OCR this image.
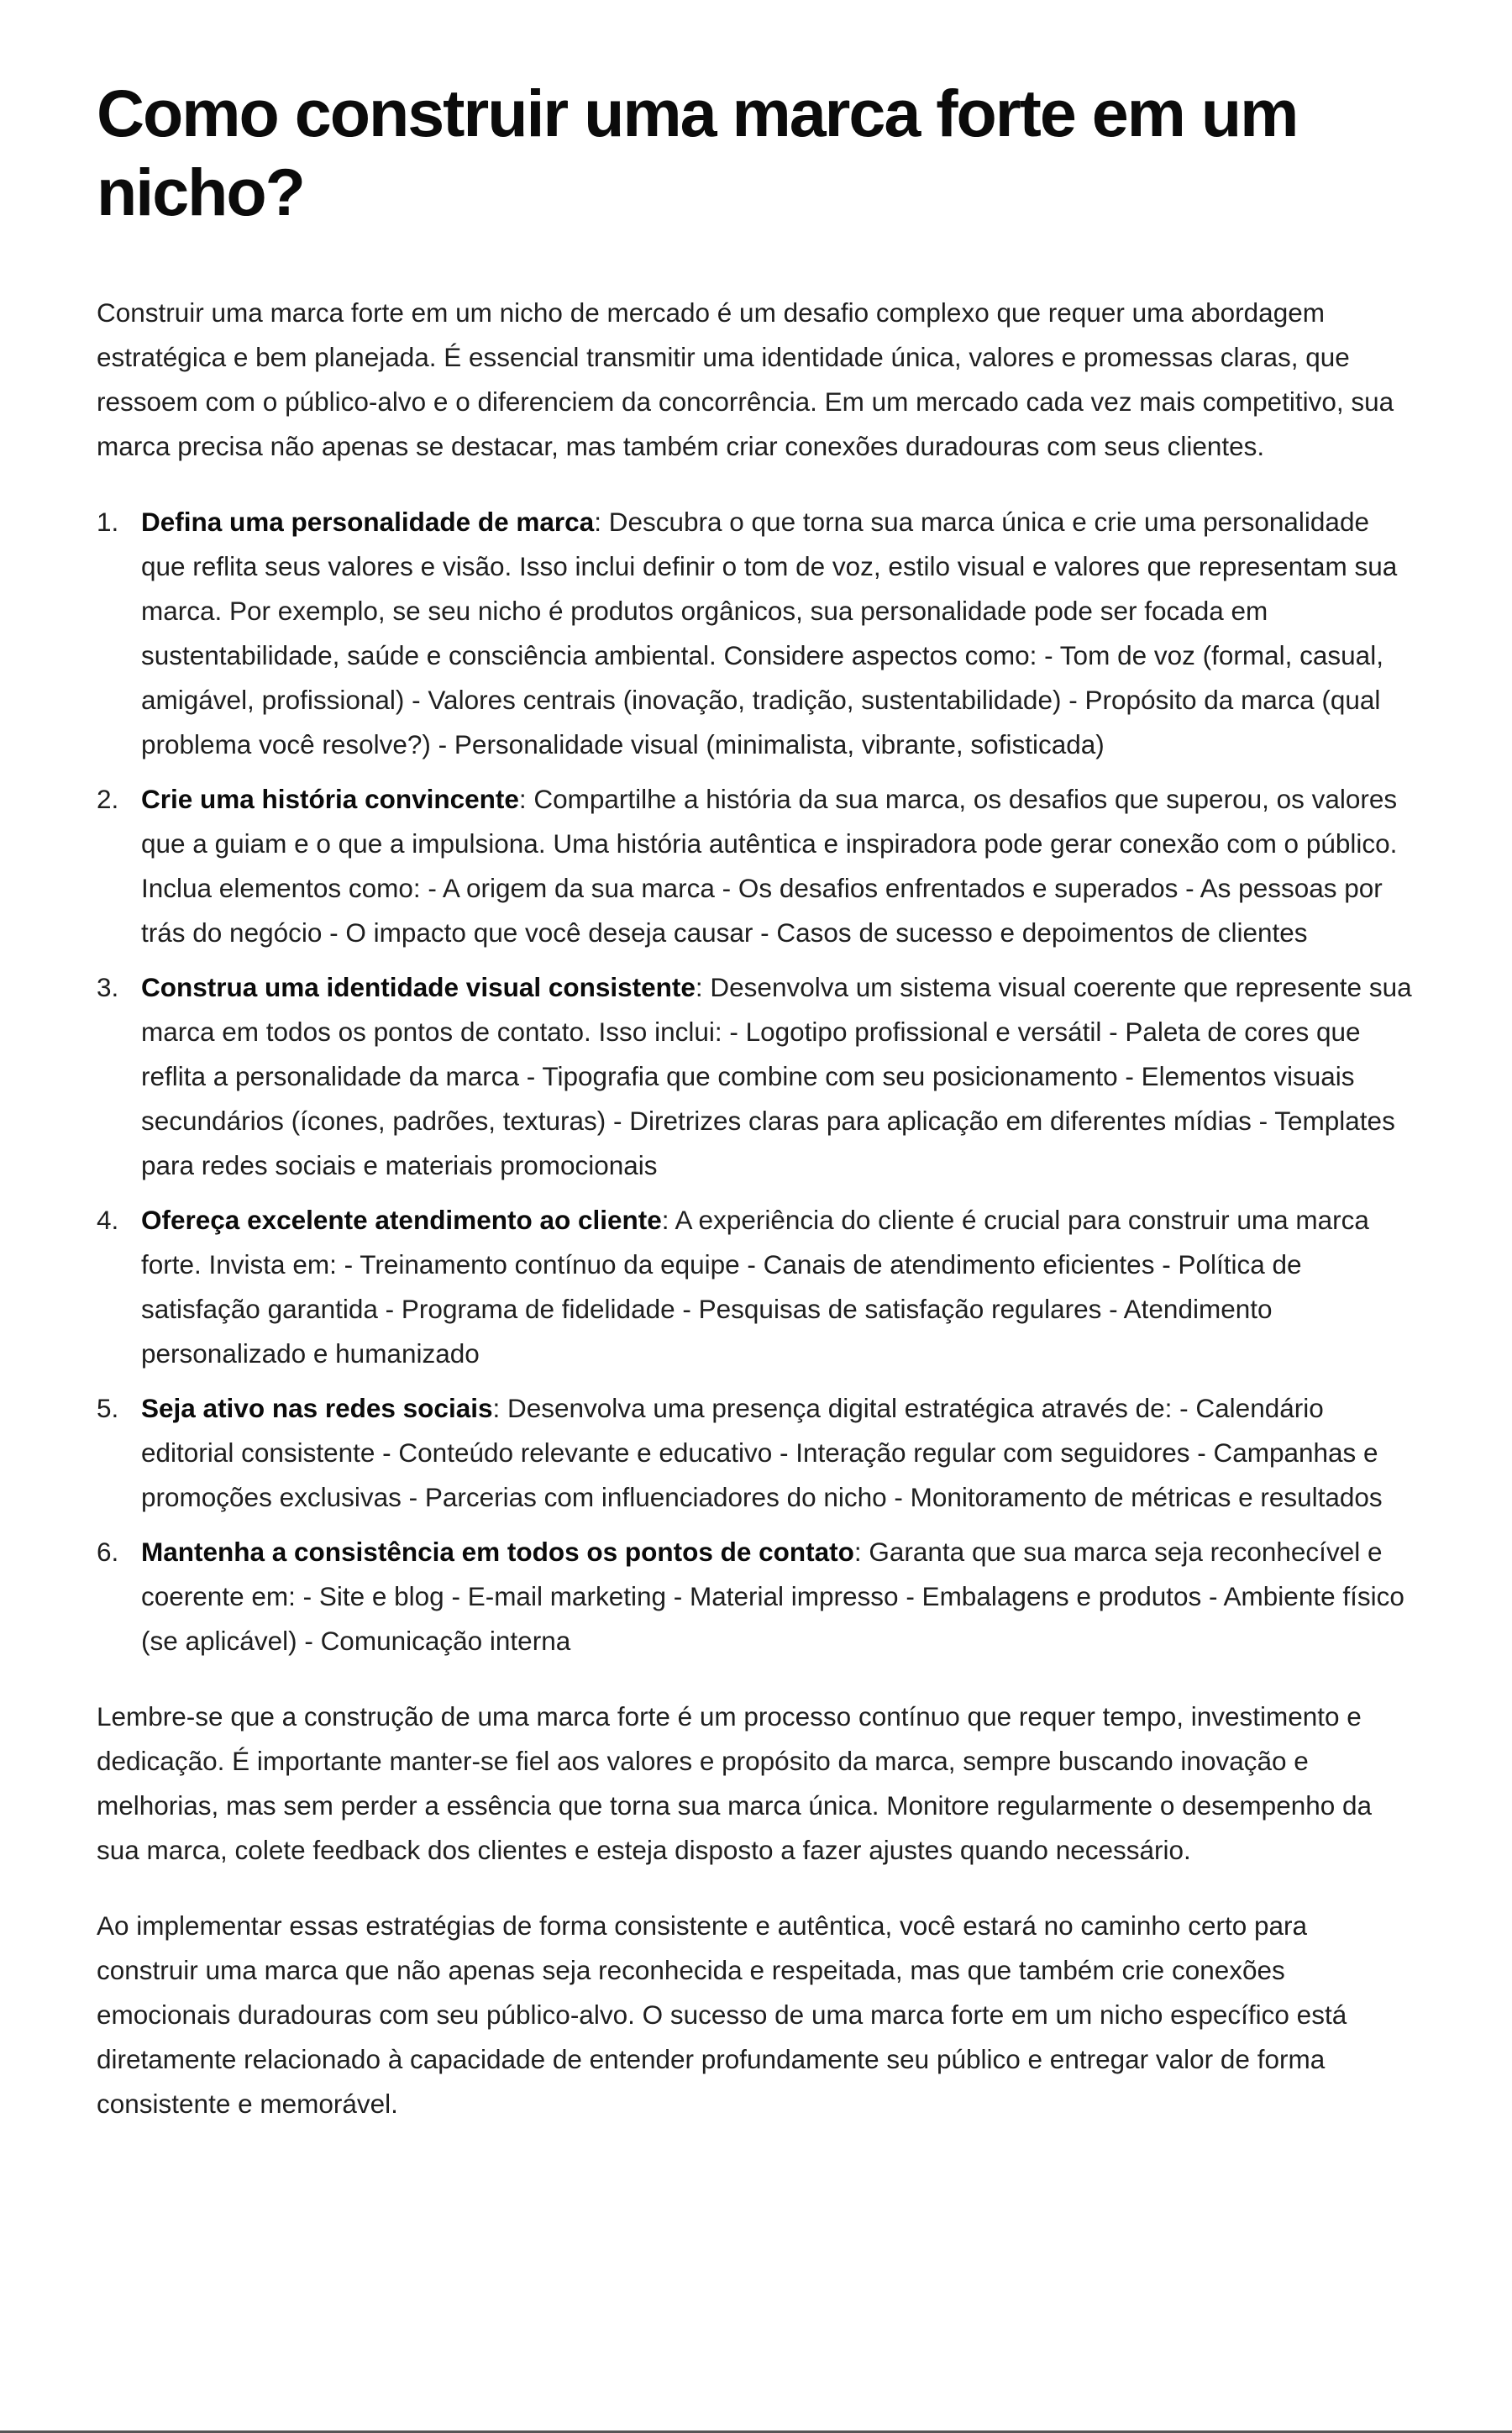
Como construir uma marca forte em um nicho?

Construir uma marca forte em um nicho de mercado é um desafio complexo que requer uma abordagem estratégica e bem planejada. É essencial transmitir uma identidade única, valores e promessas claras, que ressoem com o público-alvo e o diferenciem da concorrência. Em um mercado cada vez mais competitivo, sua marca precisa não apenas se destacar, mas também criar conexões duradouras com seus clientes.

1. Defina uma personalidade de marca: Descubra o que torna sua marca única e crie uma personalidade que reflita seus valores e visão. Isso inclui definir o tom de voz, estilo visual e valores que representam sua marca. Por exemplo, se seu nicho é produtos orgânicos, sua personalidade pode ser focada em sustentabilidade, saúde e consciência ambiental. Considere aspectos como: - Tom de voz (formal, casual, amigável, profissional) - Valores centrais (inovação, tradição, sustentabilidade) - Propósito da marca (qual problema você resolve?) - Personalidade visual (minimalista, vibrante, sofisticada)
2. Crie uma história convincente: Compartilhe a história da sua marca, os desafios que superou, os valores que a guiam e o que a impulsiona. Uma história autêntica e inspiradora pode gerar conexão com o público. Inclua elementos como: - A origem da sua marca - Os desafios enfrentados e superados - As pessoas por trás do negócio - O impacto que você deseja causar - Casos de sucesso e depoimentos de clientes
3. Construa uma identidade visual consistente: Desenvolva um sistema visual coerente que represente sua marca em todos os pontos de contato. Isso inclui: - Logotipo profissional e versátil - Paleta de cores que reflita a personalidade da marca - Tipografia que combine com seu posicionamento - Elementos visuais secundários (ícones, padrões, texturas) - Diretrizes claras para aplicação em diferentes mídias - Templates para redes sociais e materiais promocionais
4. Ofereça excelente atendimento ao cliente: A experiência do cliente é crucial para construir uma marca forte. Invista em: - Treinamento contínuo da equipe - Canais de atendimento eficientes - Política de satisfação garantida - Programa de fidelidade - Pesquisas de satisfação regulares - Atendimento personalizado e humanizado
5. Seja ativo nas redes sociais: Desenvolva uma presença digital estratégica através de: - Calendário editorial consistente - Conteúdo relevante e educativo - Interação regular com seguidores - Campanhas e promoções exclusivas - Parcerias com influenciadores do nicho - Monitoramento de métricas e resultados
6. Mantenha a consistência em todos os pontos de contato: Garanta que sua marca seja reconhecível e coerente em: - Site e blog - E-mail marketing - Material impresso - Embalagens e produtos - Ambiente físico (se aplicável) - Comunicação interna

Lembre-se que a construção de uma marca forte é um processo contínuo que requer tempo, investimento e dedicação. É importante manter-se fiel aos valores e propósito da marca, sempre buscando inovação e melhorias, mas sem perder a essência que torna sua marca única. Monitore regularmente o desempenho da sua marca, colete feedback dos clientes e esteja disposto a fazer ajustes quando necessário.

Ao implementar essas estratégias de forma consistente e autêntica, você estará no caminho certo para construir uma marca que não apenas seja reconhecida e respeitada, mas que também crie conexões emocionais duradouras com seu público-alvo. O sucesso de uma marca forte em um nicho específico está diretamente relacionado à capacidade de entender profundamente seu público e entregar valor de forma consistente e memorável.
